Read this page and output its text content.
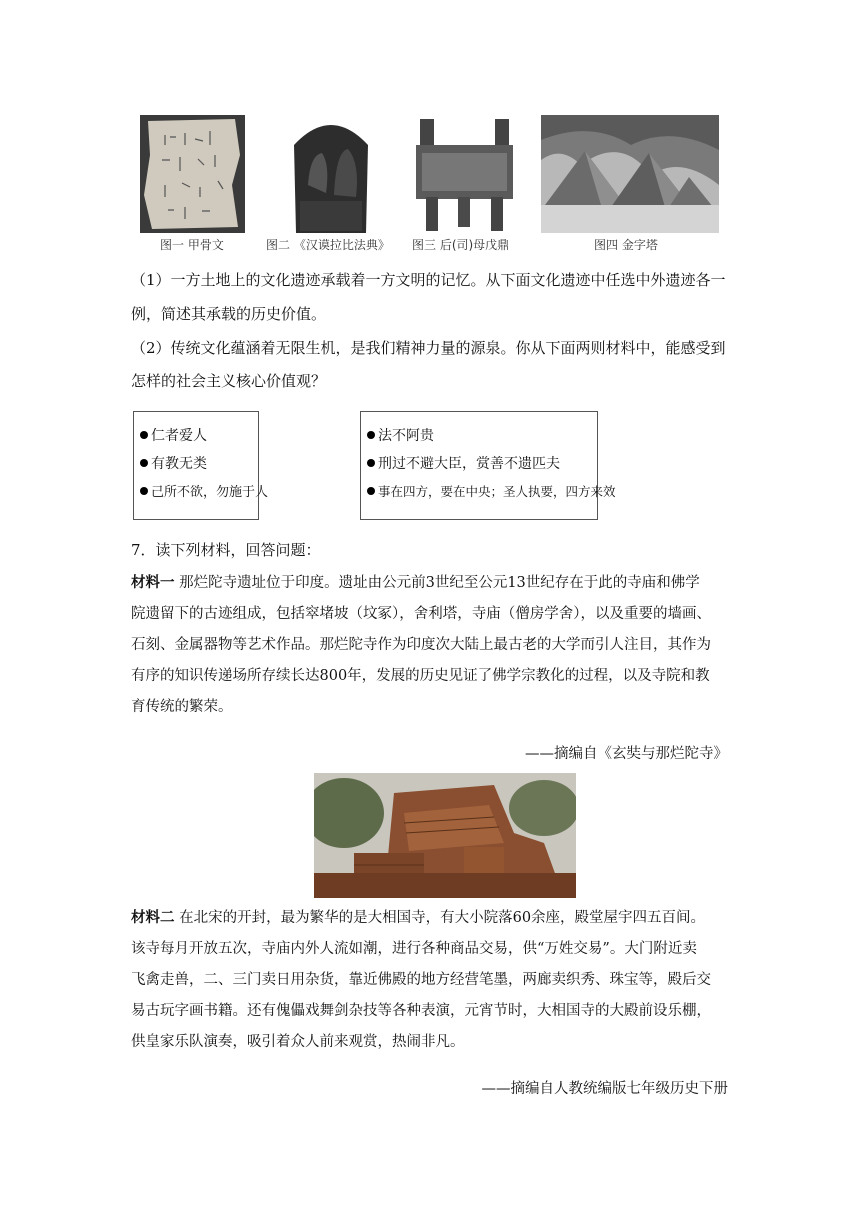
图一 甲骨文	图二 《汉谟拉比法典》 图三 后(司)母戊鼎	图四 金字塔
（1）一方土地上的文化遗迹承载着一方文明的记忆。从下面文化遗迹中任选中外遗迹各一
例，简述其承载的历史价值。
（2）传统文化蕴涵着无限生机，是我们精神力量的源泉。你从下面两则材料中，能感受到
怎样的社会主义核心价值观？
仁者爱人
有教无类
己所不欲，勿施于人
法不阿贵
刑过不避大臣，赏善不遗匹夫
事在四方，要在中央；圣人执要，四方来效
7．读下列材料，回答问题：
材料一 那烂陀寺遗址位于印度。遗址由公元前3世纪至公元13世纪存在于此的寺庙和佛学
院遗留下的古迹组成，包括窣堵坡（坟冢），舍利塔，寺庙（僧房学舍），以及重要的墙画、
石刻、金属器物等艺术作品。那烂陀寺作为印度次大陆上最古老的大学而引人注目，其作为
有序的知识传递场所存续长达800年，发展的历史见证了佛学宗教化的过程，以及寺院和教
育传统的繁荣。
——摘编自《玄奘与那烂陀寺》
材料二 在北宋的开封，最为繁华的是大相国寺，有大小院落60余座，殿堂屋宇四五百间。
该寺每月开放五次，寺庙内外人流如潮，进行各种商品交易，供“万姓交易”。大门附近卖
飞禽走兽，二、三门卖日用杂货，靠近佛殿的地方经营笔墨，两廊卖织秀、珠宝等，殿后交
易古玩字画书籍。还有傀儡戏舞剑杂技等各种表演，元宵节时，大相国寺的大殿前设乐棚，
供皇家乐队演奏，吸引着众人前来观赏，热闹非凡。
——摘编自人教统编版七年级历史下册
